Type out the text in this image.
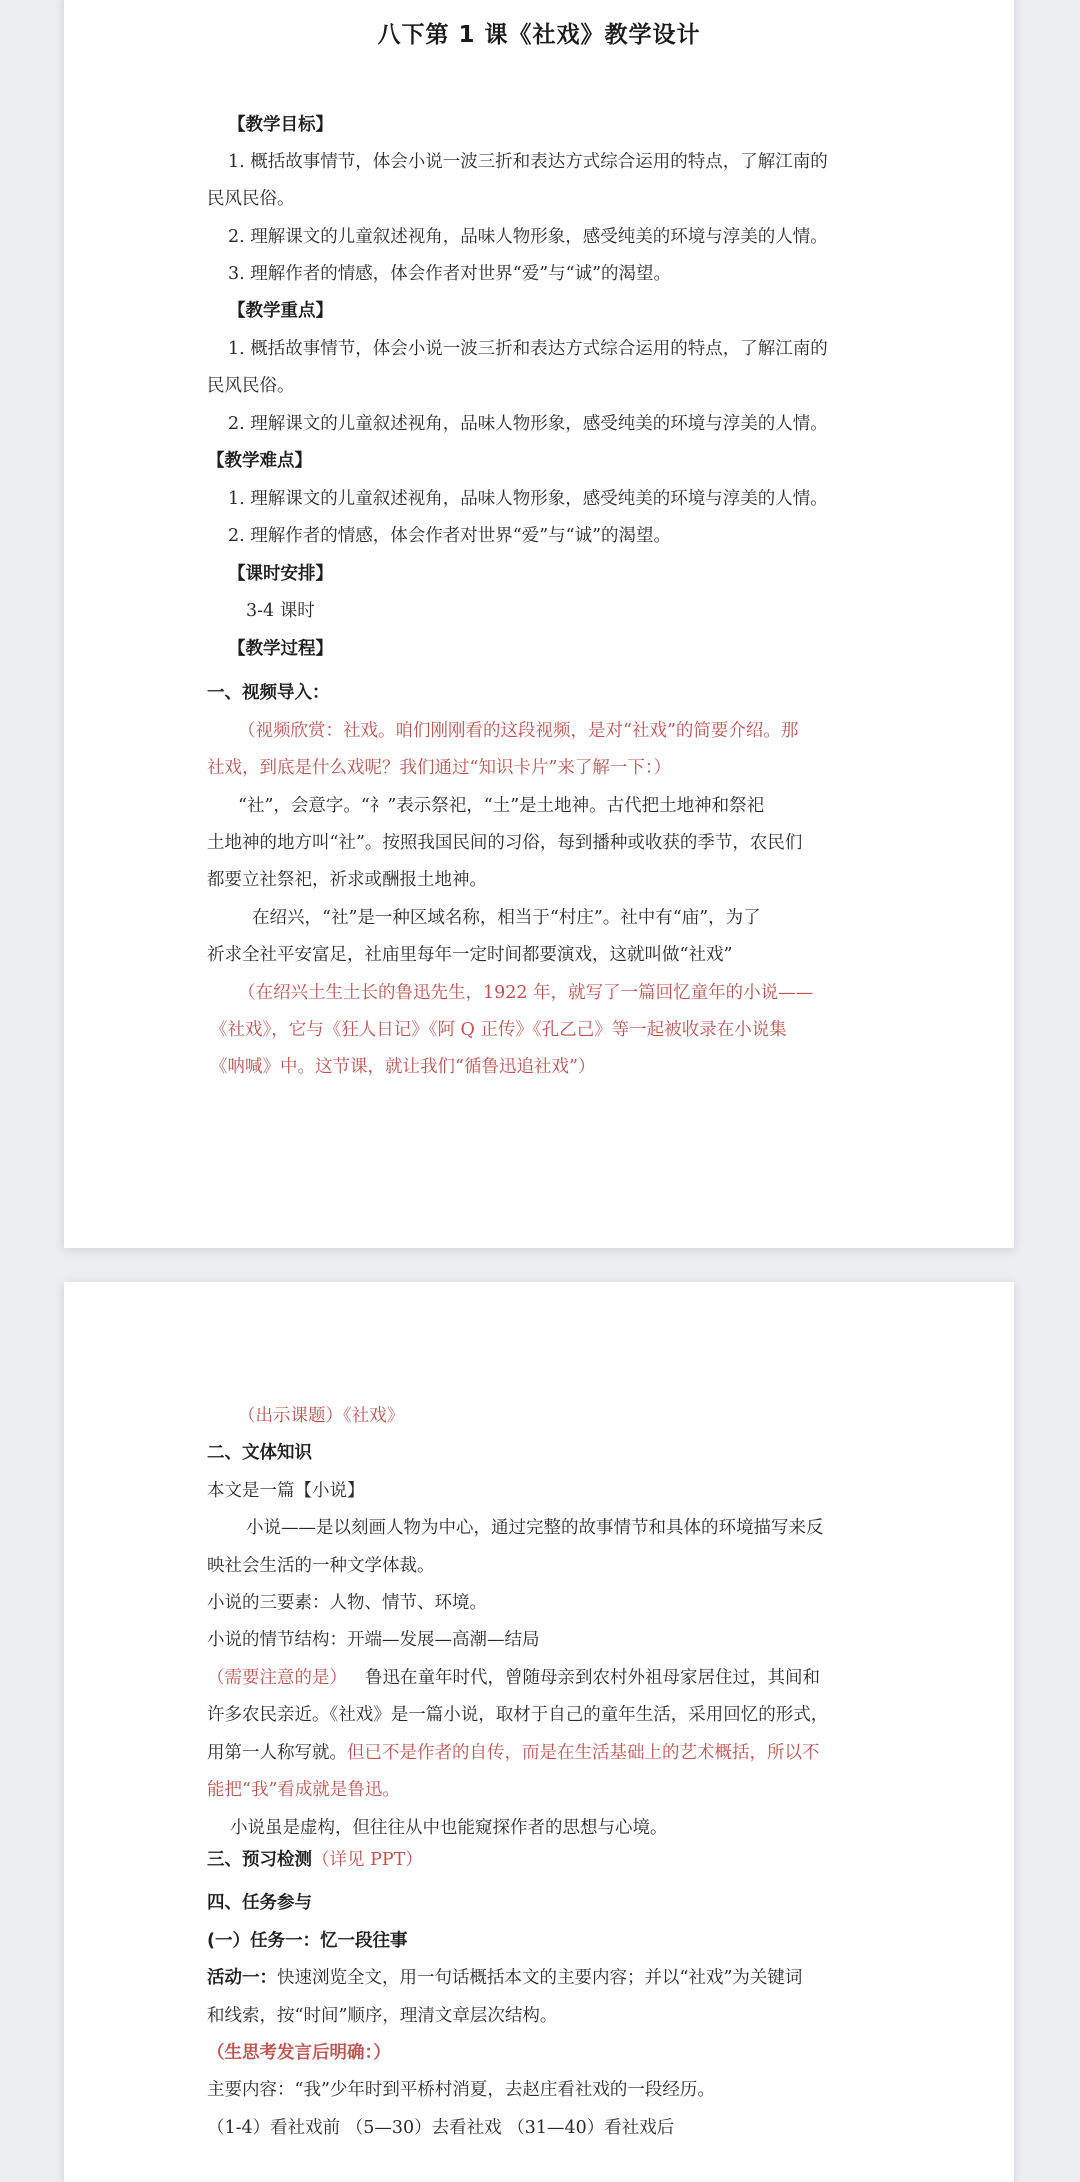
八下第 1 课《社戏》教学设计
【教学目标】
1. 概括故事情节，体会小说一波三折和表达方式综合运用的特点，了解江南的
民风民俗。
2. 理解课文的儿童叙述视角，品味人物形象，感受纯美的环境与淳美的人情。
3. 理解作者的情感，体会作者对世界“爱”与“诚”的渴望。
【教学重点】
1. 概括故事情节，体会小说一波三折和表达方式综合运用的特点，了解江南的
民风民俗。
2. 理解课文的儿童叙述视角，品味人物形象，感受纯美的环境与淳美的人情。
【教学难点】
1. 理解课文的儿童叙述视角，品味人物形象，感受纯美的环境与淳美的人情。
2. 理解作者的情感，体会作者对世界“爱”与“诚”的渴望。
【课时安排】
3-4 课时
【教学过程】
一、视频导入：
（视频欣赏：社戏。咱们刚刚看的这段视频，是对“社戏”的简要介绍。那
社戏，到底是什么戏呢？我们通过“知识卡片”来了解一下：）
“社”，会意字。“礻”表示祭祀，“土”是土地神。古代把土地神和祭祀
土地神的地方叫“社”。按照我国民间的习俗，每到播种或收获的季节，农民们
都要立社祭祀，祈求或酬报土地神。
在绍兴，“社”是一种区域名称，相当于“村庄”。社中有“庙”，为了
祈求全社平安富足，社庙里每年一定时间都要演戏，这就叫做“社戏”
（在绍兴土生土长的鲁迅先生，1922 年，就写了一篇回忆童年的小说——
《社戏》，它与《狂人日记》《阿 Q 正传》《孔乙己》等一起被收录在小说集
《呐喊》中。这节课，就让我们“循鲁迅追社戏”）
（出示课题）《社戏》
二、文体知识
本文是一篇【小说】
小说——是以刻画人物为中心，通过完整的故事情节和具体的环境描写来反
映社会生活的一种文学体裁。
小说的三要素：人物、情节、环境。
小说的情节结构：开端—发展—高潮—结局
（需要注意的是） 鲁迅在童年时代，曾随母亲到农村外祖母家居住过，其间和
许多农民亲近。《社戏》是一篇小说，取材于自己的童年生活，采用回忆的形式，
用第一人称写就。但已不是作者的自传，而是在生活基础上的艺术概括，所以不
能把“我”看成就是鲁迅。
小说虽是虚构，但往往从中也能窥探作者的思想与心境。
三、预习检测（详见 PPT）
四、任务参与
(一）任务一：忆一段往事
活动一：快速浏览全文，用一句话概括本文的主要内容；并以“社戏”为关键词
和线索，按“时间”顺序，理清文章层次结构。
（生思考发言后明确：）
主要内容：“我”少年时到平桥村消夏，去赵庄看社戏的一段经历。
（1-4）看社戏前 （5—30）去看社戏 （31—40）看社戏后
